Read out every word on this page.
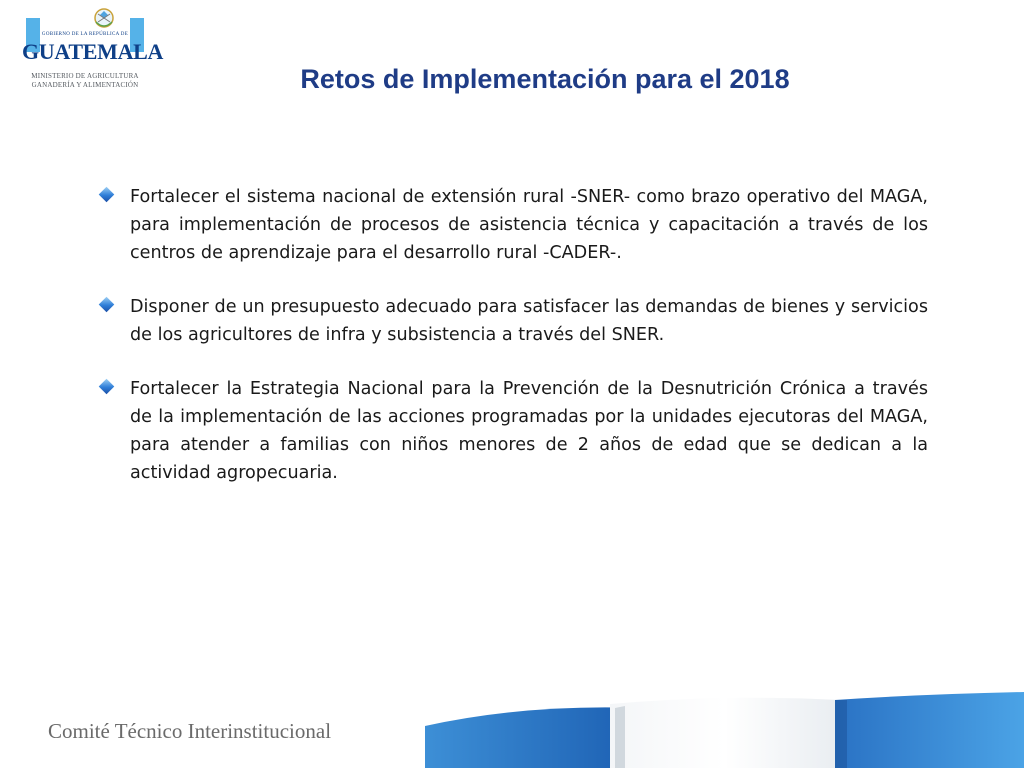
GOBIERNO DE LA REPÚBLICA DE
GUATEMALA
MINISTERIO DE AGRICULTURA
GANADERÍA Y ALIMENTACIÓN	Retos de Implementación para el 2018
Fortalecer el sistema nacional de extensión rural -SNER- como brazo operativo del MAGA, para implementación de procesos de asistencia técnica y capacitación a través de los centros de aprendizaje para el desarrollo rural -CADER-.
Disponer de un presupuesto adecuado para satisfacer las demandas de bienes y servicios de los agricultores de infra y subsistencia a través del SNER.
Fortalecer la Estrategia Nacional para la Prevención de la Desnutrición Crónica a través de la implementación de las acciones programadas por la unidades ejecutoras del MAGA, para atender a familias con niños menores de 2 años de edad que se dedican a la actividad agropecuaria.
Comité Técnico Interinstitucional
